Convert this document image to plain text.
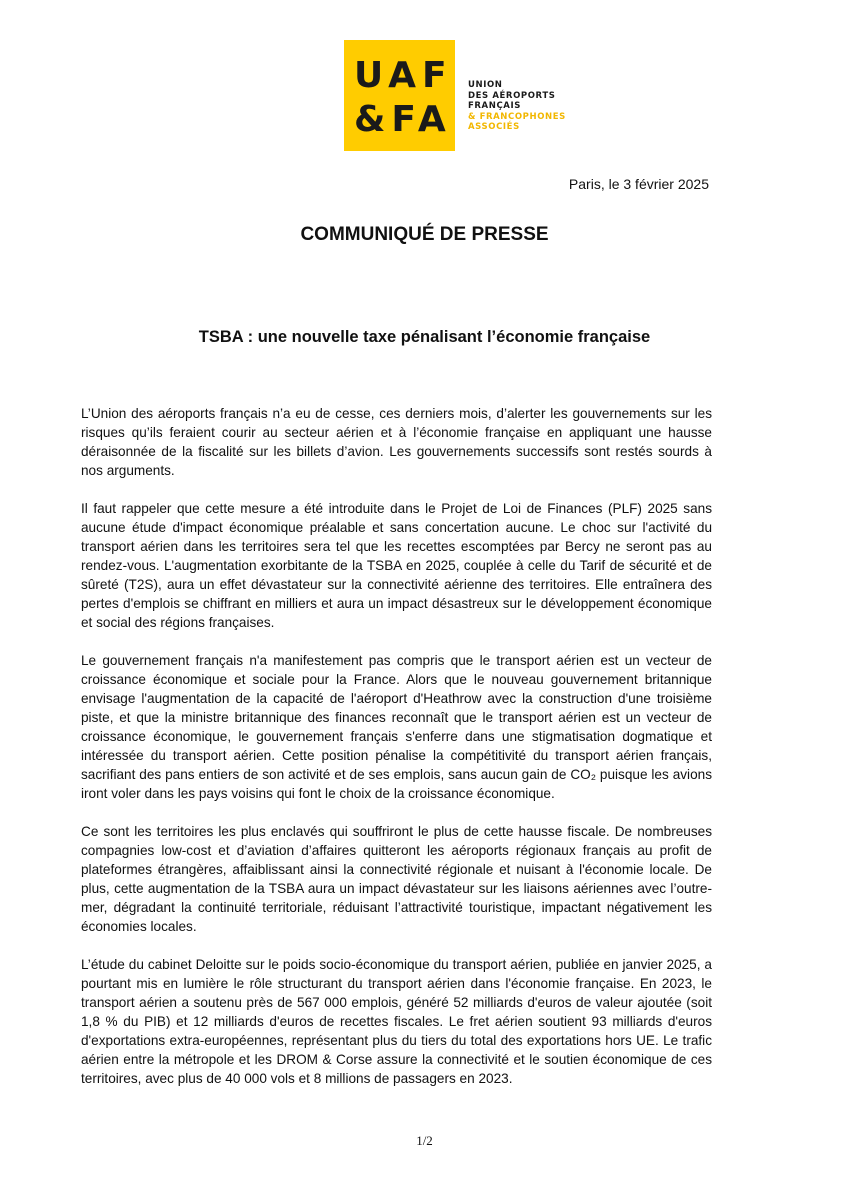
UAF
&FA
UNION
DES AÉROPORTS
FRANÇAIS
& FRANCOPHONES
ASSOCIÉS
Paris, le 3 février 2025
COMMUNIQUÉ DE PRESSE
TSBA : une nouvelle taxe pénalisant l’économie française

L’Union des aéroports français n’a eu de cesse, ces derniers mois, d’alerter les gouvernements sur les risques qu’ils feraient courir au secteur aérien et à l’économie française en appliquant une hausse déraisonnée de la fiscalité sur les billets d’avion. Les gouvernements successifs sont restés sourds à nos arguments.

Il faut rappeler que cette mesure a été introduite dans le Projet de Loi de Finances (PLF) 2025 sans aucune étude d'impact économique préalable et sans concertation aucune. Le choc sur l'activité du transport aérien dans les territoires sera tel que les recettes escomptées par Bercy ne seront pas au rendez-vous. L'augmentation exorbitante de la TSBA en 2025, couplée à celle du Tarif de sécurité et de sûreté (T2S), aura un effet dévastateur sur la connectivité aérienne des territoires. Elle entraînera des pertes d'emplois se chiffrant en milliers et aura un impact désastreux sur le développement économique et social des régions françaises.

Le gouvernement français n'a manifestement pas compris que le transport aérien est un vecteur de croissance économique et sociale pour la France. Alors que le nouveau gouvernement britannique envisage l'augmentation de la capacité de l'aéroport d'Heathrow avec la construction d'une troisième piste, et que la ministre britannique des finances reconnaît que le transport aérien est un vecteur de croissance économique, le gouvernement français s'enferre dans une stigmatisation dogmatique et intéressée du transport aérien. Cette position pénalise la compétitivité du transport aérien français, sacrifiant des pans entiers de son activité et de ses emplois, sans aucun gain de CO₂ puisque les avions iront voler dans les pays voisins qui font le choix de la croissance économique.

Ce sont les territoires les plus enclavés qui souffriront le plus de cette hausse fiscale. De nombreuses compagnies low-cost et d’aviation d’affaires quitteront les aéroports régionaux français au profit de plateformes étrangères, affaiblissant ainsi la connectivité régionale et nuisant à l'économie locale. De plus, cette augmentation de la TSBA aura un impact dévastateur sur les liaisons aériennes avec l’outre-mer, dégradant la continuité territoriale, réduisant l’attractivité touristique, impactant négativement les économies locales.

L’étude du cabinet Deloitte sur le poids socio-économique du transport aérien, publiée en janvier 2025, a pourtant mis en lumière le rôle structurant du transport aérien dans l'économie française. En 2023, le transport aérien a soutenu près de 567 000 emplois, généré 52 milliards d'euros de valeur ajoutée (soit 1,8 % du PIB) et 12 milliards d'euros de recettes fiscales. Le fret aérien soutient 93 milliards d'euros d'exportations extra-européennes, représentant plus du tiers du total des exportations hors UE. Le trafic aérien entre la métropole et les DROM & Corse assure la connectivité et le soutien économique de ces territoires, avec plus de 40 000 vols et 8 millions de passagers en 2023.

1/2
